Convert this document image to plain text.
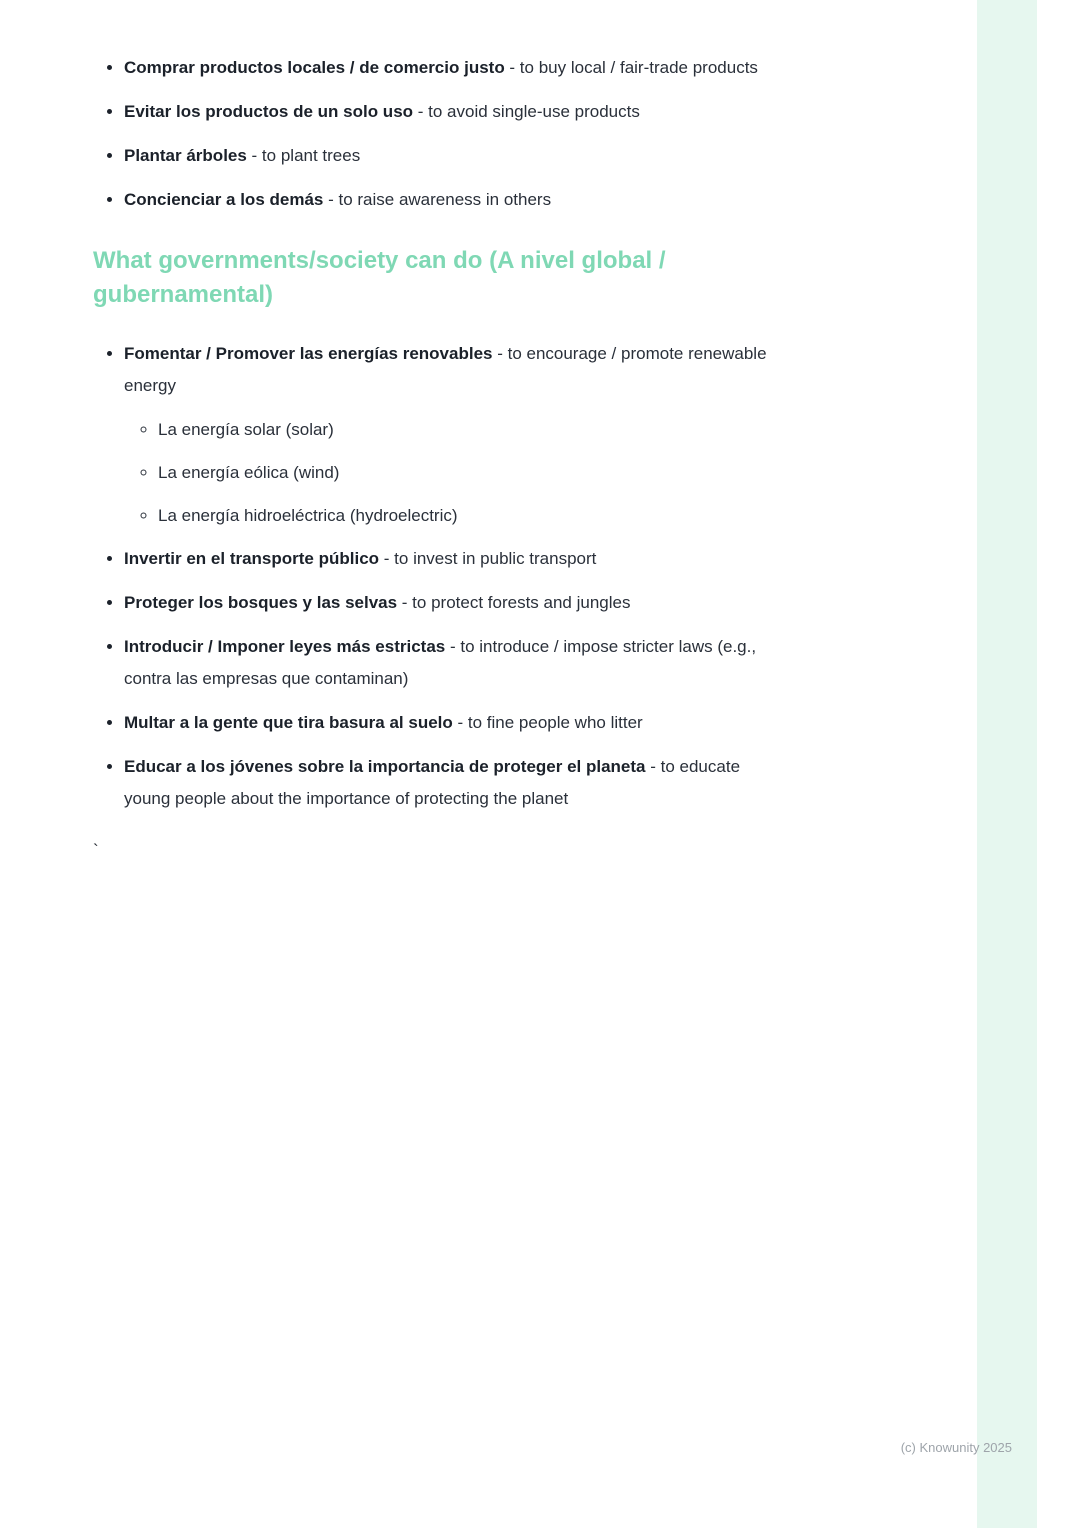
• Comprar productos locales / de comercio justo - to buy local / fair-trade products
• Evitar los productos de un solo uso - to avoid single-use products
• Plantar árboles - to plant trees
• Concienciar a los demás - to raise awareness in others
What governments/society can do (A nivel global / gubernamental)
• Fomentar / Promover las energías renovables - to encourage / promote renewable energy
◦ La energía solar (solar)
◦ La energía eólica (wind)
◦ La energía hidroeléctrica (hydroelectric)
• Invertir en el transporte público - to invest in public transport
• Proteger los bosques y las selvas - to protect forests and jungles
• Introducir / Imponer leyes más estrictas - to introduce / impose stricter laws (e.g., contra las empresas que contaminan)
• Multar a la gente que tira basura al suelo - to fine people who litter
• Educar a los jóvenes sobre la importancia de proteger el planeta - to educate young people about the importance of protecting the planet
`
(c) Knowunity 2025
